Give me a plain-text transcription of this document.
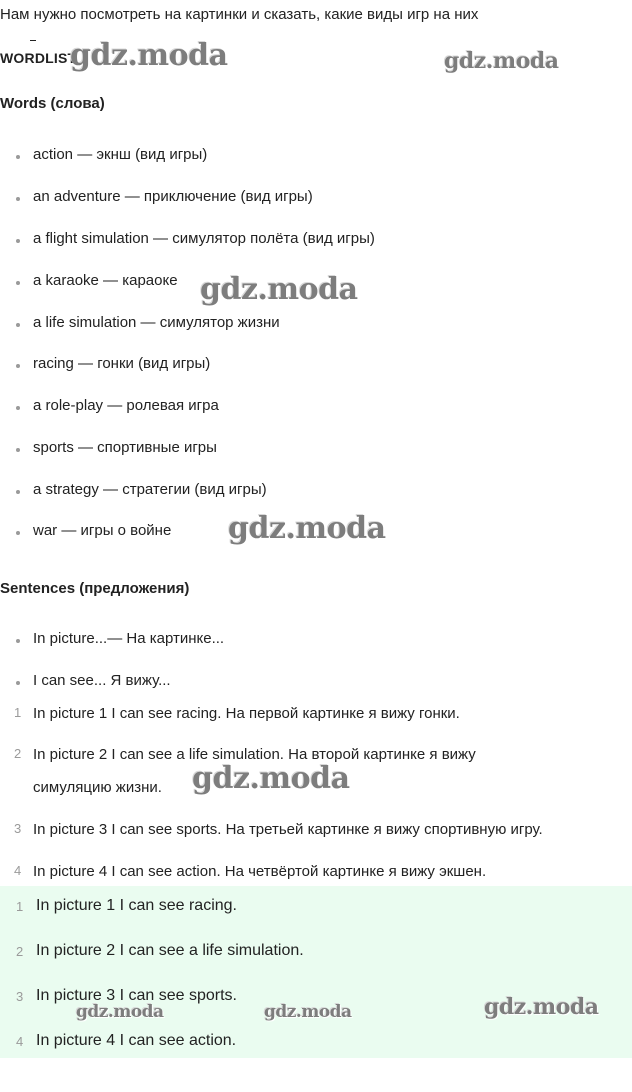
Нам нужно посмотреть на картинки и сказать, какие виды игр на них
WORDLIST
gdz.moda	gdz.moda
Words (слова)
action — экнш (вид игры)
an adventure — приключение (вид игры)
a flight simulation — симулятор полёта (вид игры)
a karaoke — караоке gdz.moda
a life simulation — симулятор жизни
racing — гонки (вид игры)
a role-play — ролевая игра
sports — спортивные игры
a strategy — стратегии (вид игры)
war — игры о войне gdz.moda
Sentences (предложения)
In picture...— На картинке...
I can see... Я вижу...
1 In picture 1 I can see racing. На первой картинке я вижу гонки.
2 In picture 2 I can see a life simulation. На второй картинке я вижу
симуляцию жизни. gdz.moda
3 In picture 3 I can see sports. На третьей картинке я вижу спортивную игру.
4 In picture 4 I can see action. На четвёртой картинке я вижу экшен.
1 In picture 1 I can see racing.
2 In picture 2 I can see a life simulation.
3 In picture 3 I can see sports.
4 In picture 4 I can see action.
gdz.moda	gdz.moda	gdz.moda
